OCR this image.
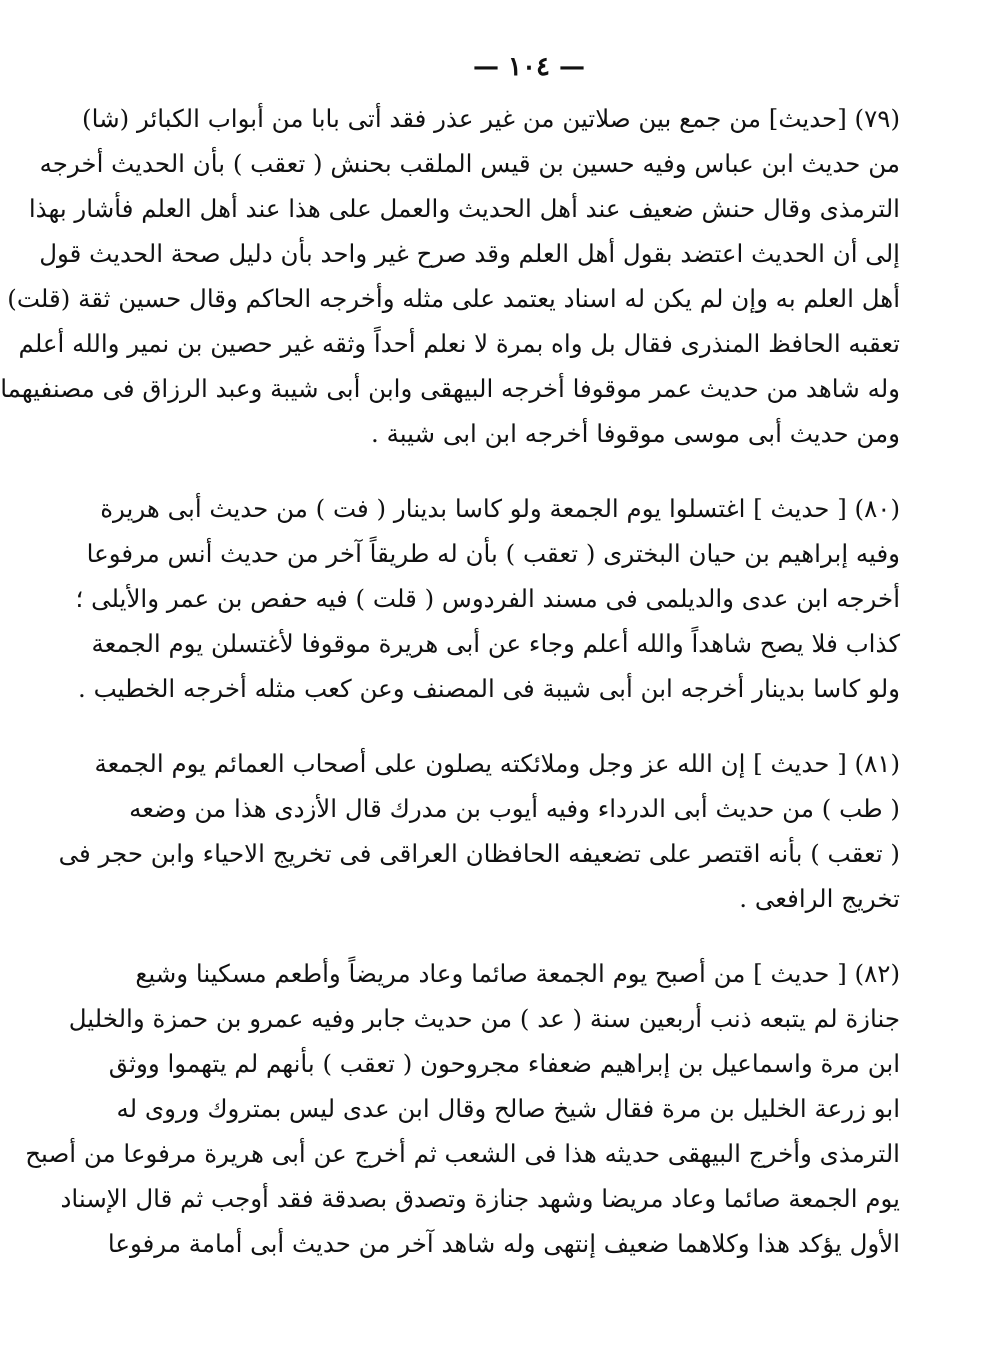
— ١٠٤ —
(٧٩) [حديث] من جمع بين صلاتين من غير عذر فقد أتى بابا من أبواب الكبائر (شا)
من حديث ابن عباس وفيه حسين بن قيس الملقب بحنش ( تعقب ) بأن الحديث أخرجه
الترمذى وقال حنش ضعيف عند أهل الحديث والعمل على هذا عند أهل العلم فأشار بهذا
إلى أن الحديث اعتضد بقول أهل العلم وقد صرح غير واحد بأن دليل صحة الحديث قول
أهل العلم به وإن لم يكن له اسناد يعتمد على مثله وأخرجه الحاكم وقال حسين ثقة (قلت)
تعقبه الحافظ المنذرى فقال بل واه بمرة لا نعلم أحداً وثقه غير حصين بن نمير والله أعلم
وله شاهد من حديث عمر موقوفا أخرجه البيهقى وابن أبى شيبة وعبد الرزاق فى مصنفيهما
ومن حديث أبى موسى موقوفا أخرجه ابن ابى شيبة .
(٨٠) [ حديث ] اغتسلوا يوم الجمعة ولو كاسا بدينار ( فت ) من حديث أبى هريرة
وفيه إبراهيم بن حيان البخترى ( تعقب ) بأن له طريقاً آخر من حديث أنس مرفوعا
أخرجه ابن عدى والديلمى فى مسند الفردوس ( قلت ) فيه حفص بن عمر والأيلى ؛
كذاب فلا يصح شاهداً والله أعلم وجاء عن أبى هريرة موقوفا لأغتسلن يوم الجمعة
ولو كاسا بدينار أخرجه ابن أبى شيبة فى المصنف وعن كعب مثله أخرجه الخطيب .
(٨١) [ حديث ] إن الله عز وجل وملائكته يصلون على أصحاب العمائم يوم الجمعة
( طب ) من حديث أبى الدرداء وفيه أيوب بن مدرك قال الأزدى هذا من وضعه
( تعقب ) بأنه اقتصر على تضعيفه الحافظان العراقى فى تخريج الاحياء وابن حجر فى
تخريج الرافعى .
(٨٢) [ حديث ] من أصبح يوم الجمعة صائما وعاد مريضاً وأطعم مسكينا وشيع
جنازة لم يتبعه ذنب أربعين سنة ( عد ) من حديث جابر وفيه عمرو بن حمزة والخليل
ابن مرة واسماعيل بن إبراهيم ضعفاء مجروحون ( تعقب ) بأنهم لم يتهموا ووثق
ابو زرعة الخليل بن مرة فقال شيخ صالح وقال ابن عدى ليس بمتروك وروى له
الترمذى وأخرج البيهقى حديثه هذا فى الشعب ثم أخرج عن أبى هريرة مرفوعا من أصبح
يوم الجمعة صائما وعاد مريضا وشهد جنازة وتصدق بصدقة فقد أوجب ثم قال الإسناد
الأول يؤكد هذا وكلاهما ضعيف إنتهى وله شاهد آخر من حديث أبى أمامة مرفوعا
